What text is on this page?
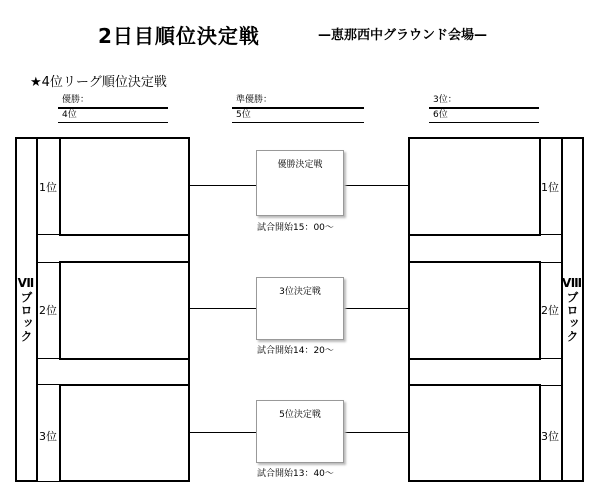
2日目順位決定戦	—恵那西中グラウンド会場—
★4位リーグ順位決定戦
優勝：
4位
準優勝：
5位
3位：
6位
Ⅶブロック
1位
2位
3位
1位
2位
3位
Ⅷブロック
優勝決定戦
試合開始15：00～
3位決定戦
試合開始14：20～
5位決定戦
試合開始13：40～
